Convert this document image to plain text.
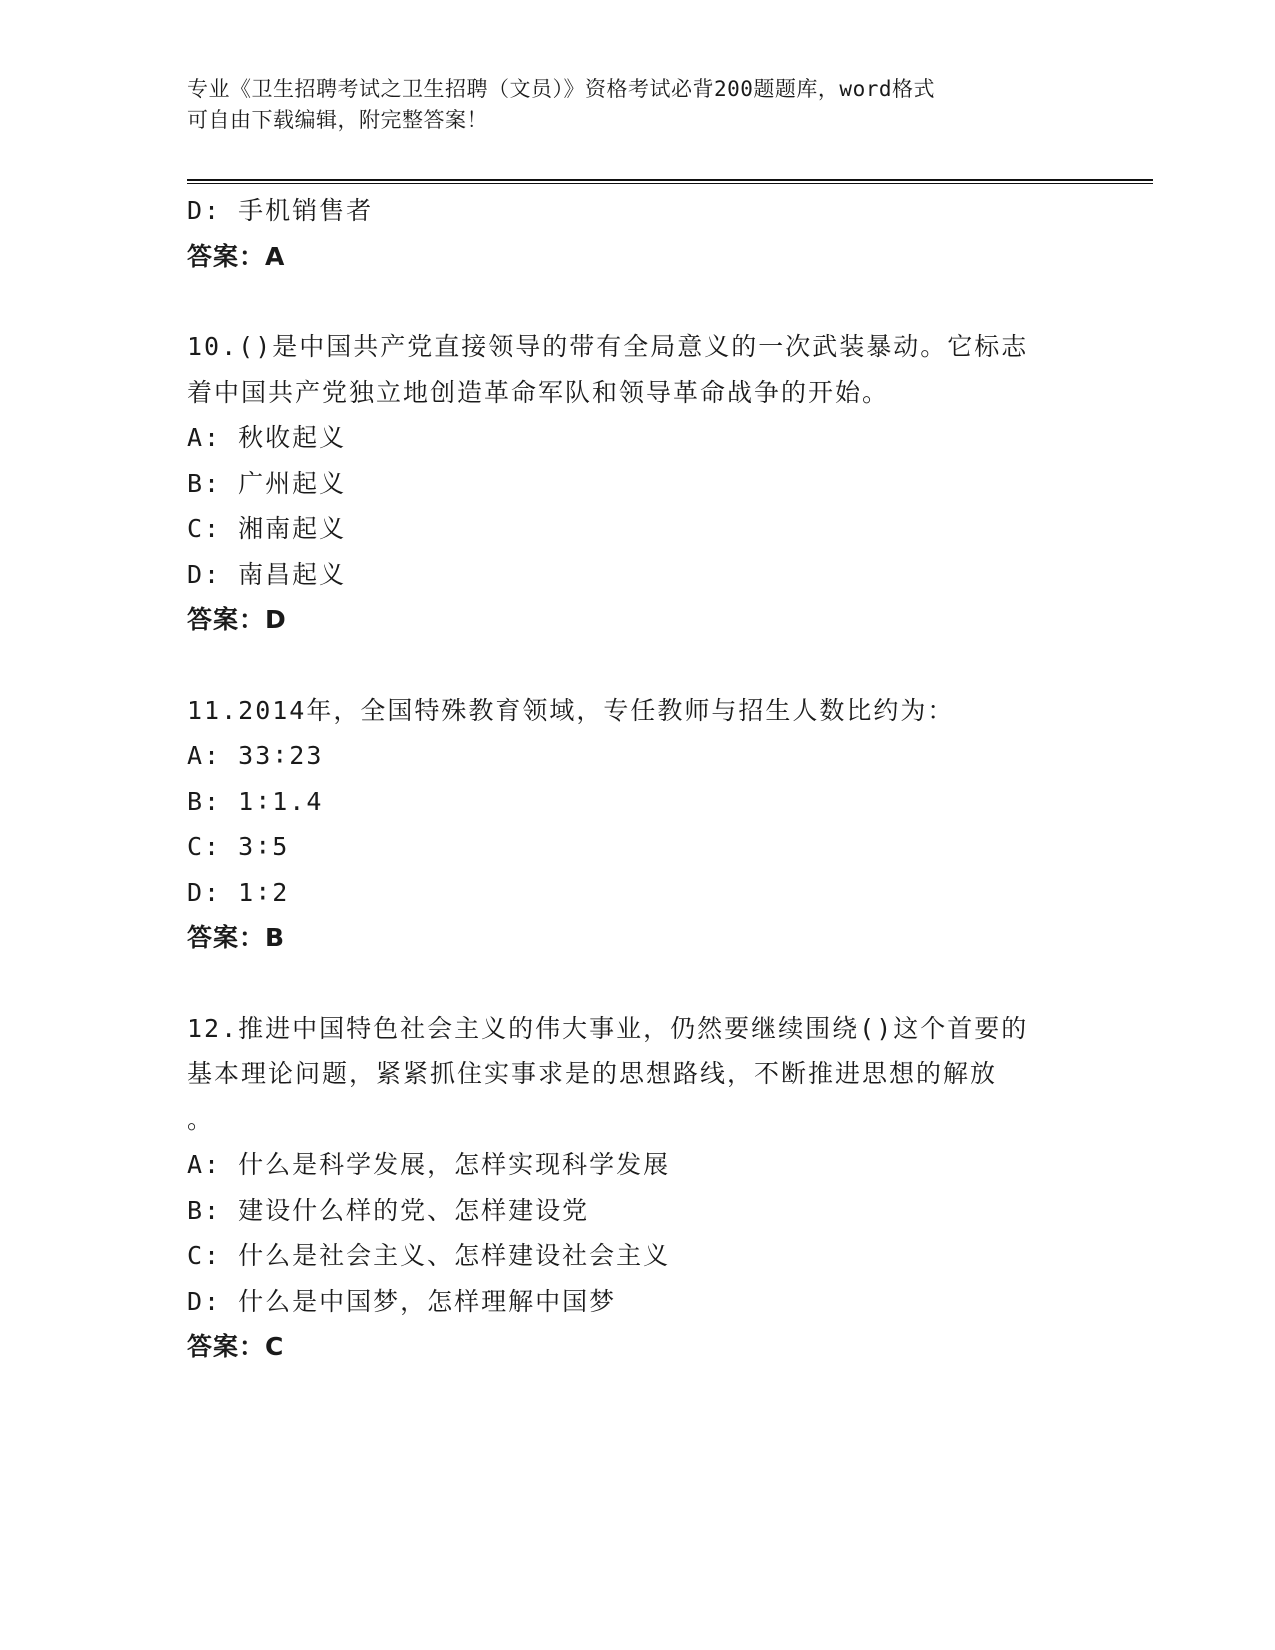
专业《卫生招聘考试之卫生招聘（文员）》资格考试必背200题题库，word格式
可自由下载编辑，附完整答案！
D: 手机销售者
答案：A
10.()是中国共产党直接领导的带有全局意义的一次武装暴动。它标志
着中国共产党独立地创造革命军队和领导革命战争的开始。
A: 秋收起义
B: 广州起义
C: 湘南起义
D: 南昌起义
答案：D
11.2014年，全国特殊教育领域，专任教师与招生人数比约为：
A: 33∶23
B: 1∶1.4
C: 3∶5
D: 1∶2
答案：B
12.推进中国特色社会主义的伟大事业，仍然要继续围绕()这个首要的
基本理论问题，紧紧抓住实事求是的思想路线，不断推进思想的解放
。
A: 什么是科学发展，怎样实现科学发展
B: 建设什么样的党、怎样建设党
C: 什么是社会主义、怎样建设社会主义
D: 什么是中国梦，怎样理解中国梦
答案：C
